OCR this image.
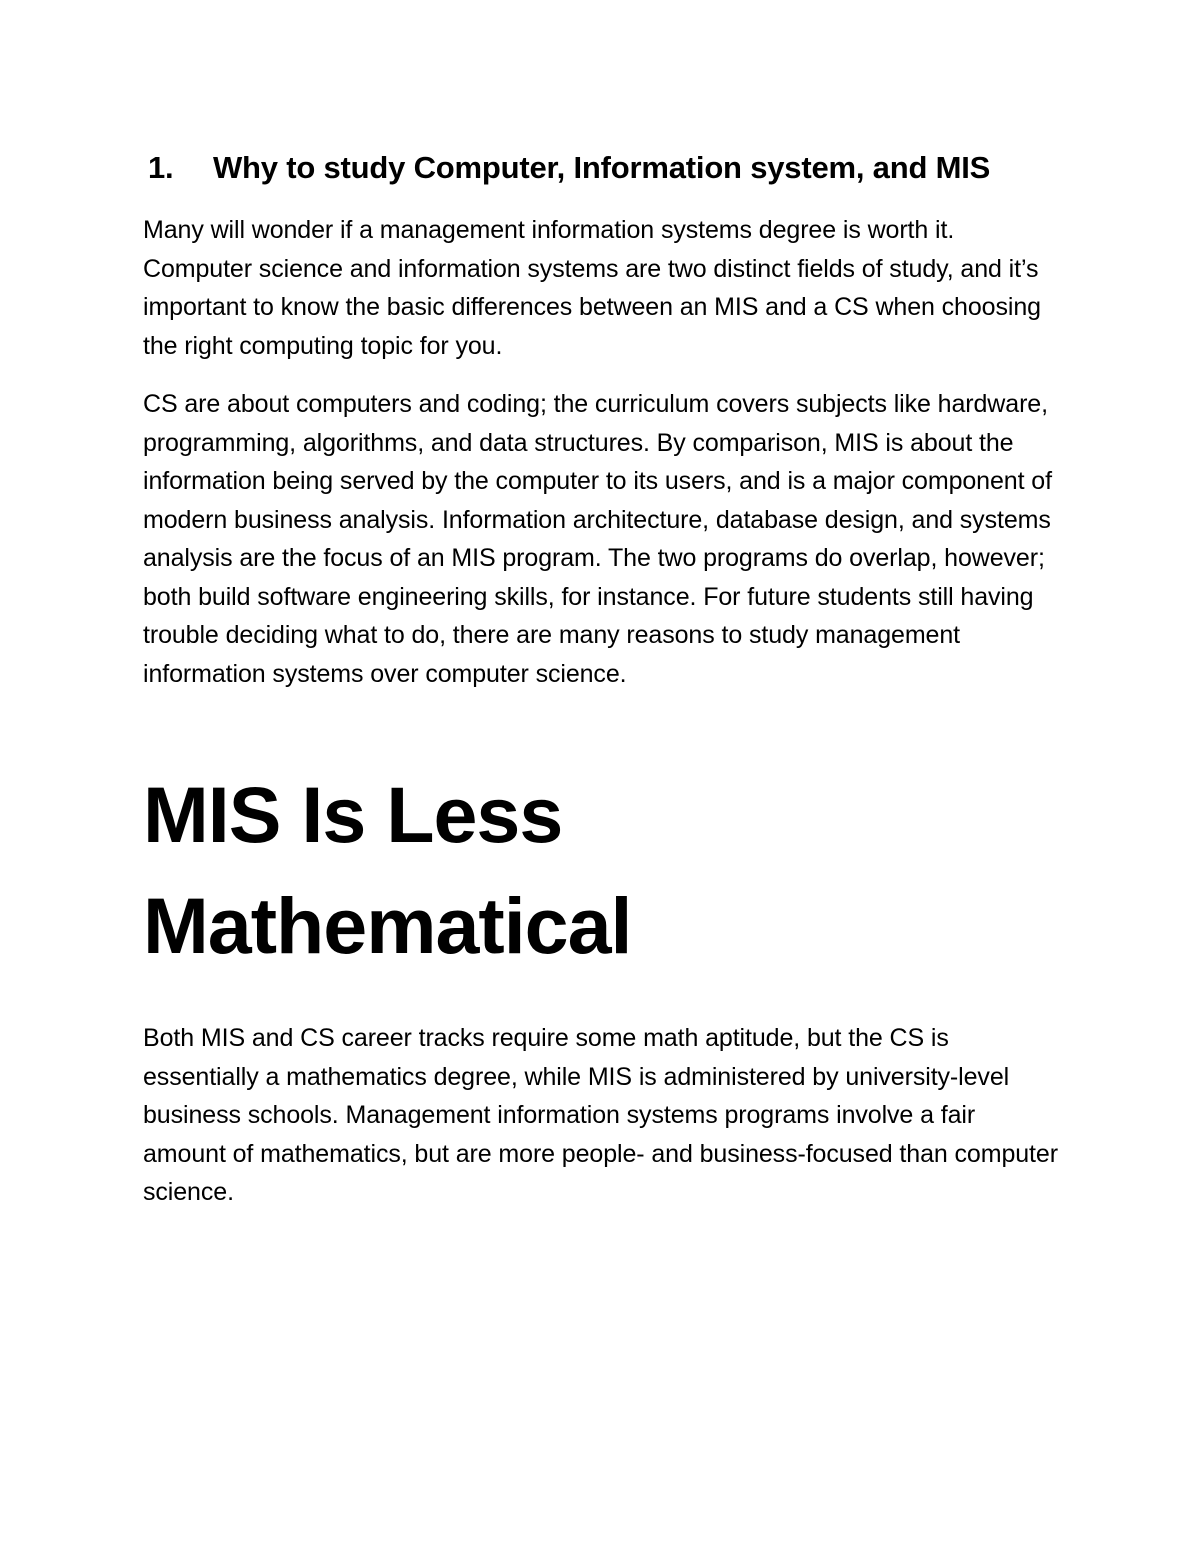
1.	Why to study Computer, Information system, and MIS

Many will wonder if a management information systems degree is worth it. Computer science and information systems are two distinct fields of study, and it’s important to know the basic differences between an MIS and a CS when choosing the right computing topic for you.

CS are about computers and coding; the curriculum covers subjects like hardware, programming, algorithms, and data structures. By comparison, MIS is about the information being served by the computer to its users, and is a major component of modern business analysis. Information architecture, database design, and systems analysis are the focus of an MIS program. The two programs do overlap, however; both build software engineering skills, for instance. For future students still having trouble deciding what to do, there are many reasons to study management information systems over computer science.

MIS Is Less Mathematical

Both MIS and CS career tracks require some math aptitude, but the CS is essentially a mathematics degree, while MIS is administered by university-level business schools. Management information systems programs involve a fair amount of mathematics, but are more people- and business-focused than computer science.
